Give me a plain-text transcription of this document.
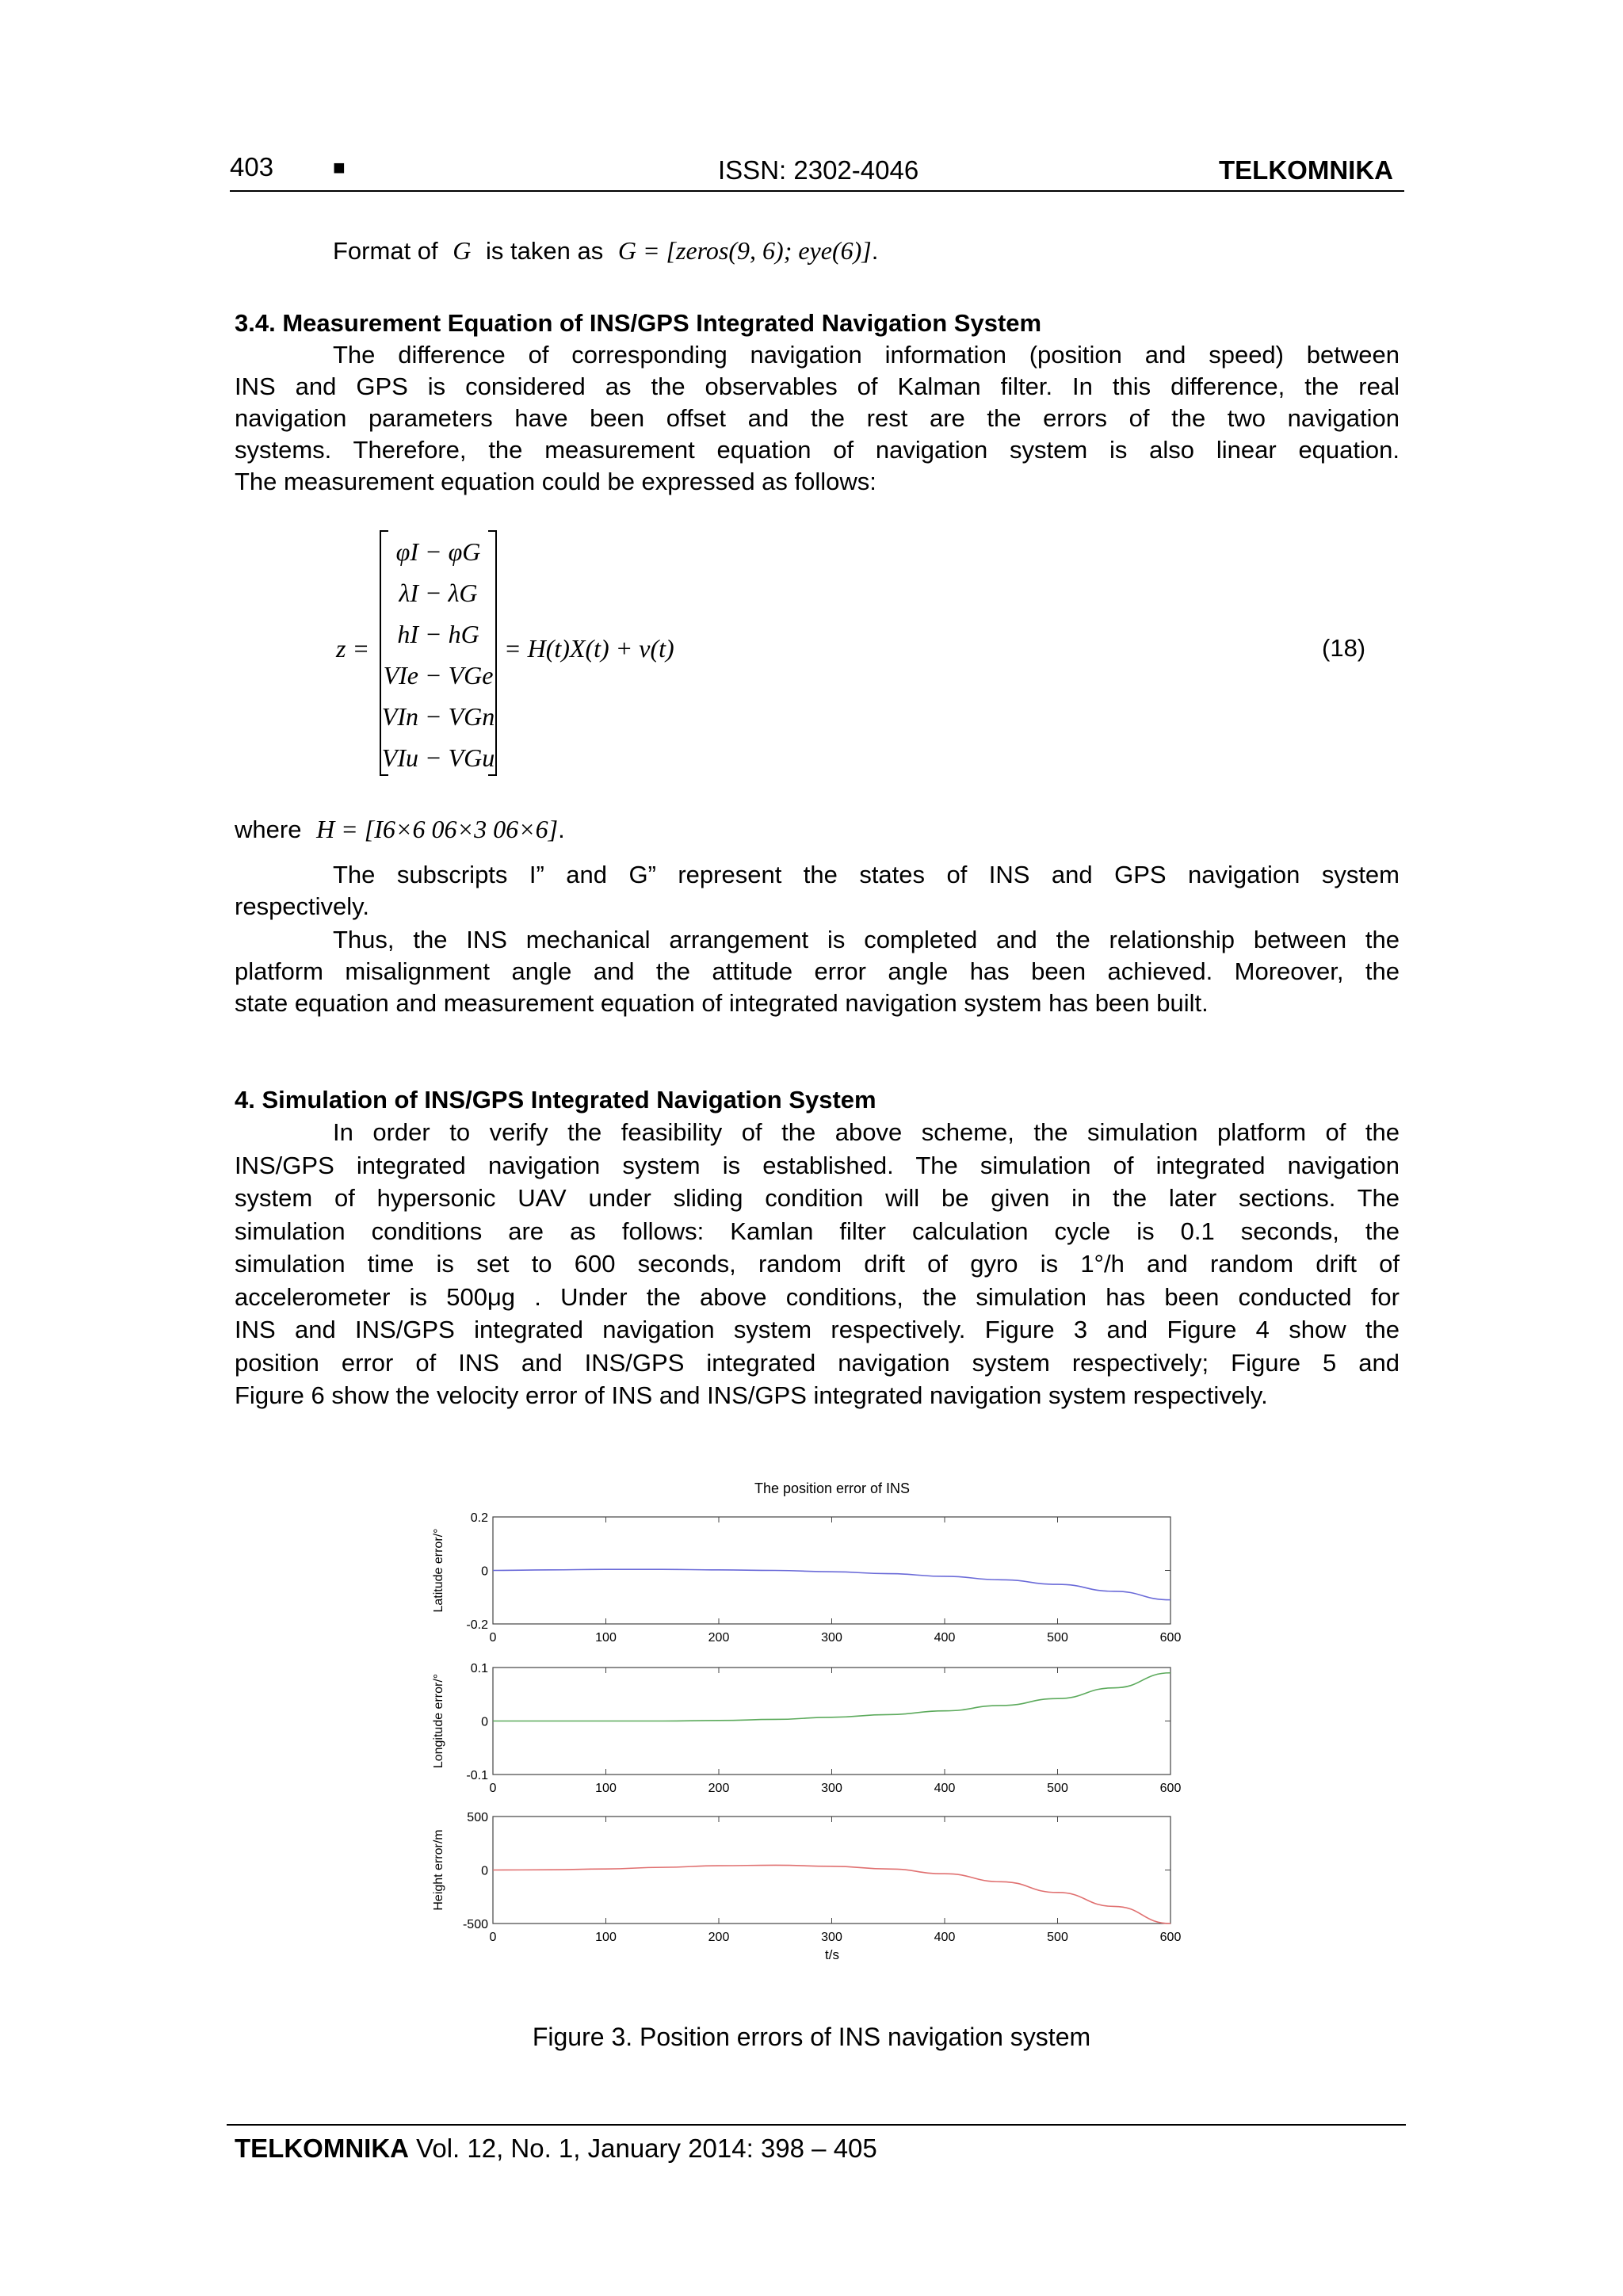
403	■	ISSN: 2302-4046	TELKOMNIKA
Format of G is taken as G = [zeros(9, 6); eye(6)].
3.4. Measurement Equation of INS/GPS Integrated Navigation System
The difference of corresponding navigation information (position and speed) between
INS and GPS is considered as the observables of Kalman filter. In this difference, the real
navigation parameters have been offset and the rest are the errors of the two navigation
systems. Therefore, the measurement equation of navigation system is also linear equation.
The measurement equation could be expressed as follows:
z =
φI − φG
λI − λG
hI − hG
VIe − VGe
VIn − VGn
VIu − VGu
= H(t)X(t) + v(t)	(18)
where H = [I6×6 06×3 06×6].
The subscripts I” and G” represent the states of INS and GPS navigation system
respectively.
Thus, the INS mechanical arrangement is completed and the relationship between the
platform misalignment angle and the attitude error angle has been achieved. Moreover, the
state equation and measurement equation of integrated navigation system has been built.
4. Simulation of INS/GPS Integrated Navigation System
In order to verify the feasibility of the above scheme, the simulation platform of the
INS/GPS integrated navigation system is established. The simulation of integrated navigation
system of hypersonic UAV under sliding condition will be given in the later sections. The
simulation conditions are as follows: Kamlan filter calculation cycle is 0.1 seconds, the
simulation time is set to 600 seconds, random drift of gyro is 1°/h and random drift of
accelerometer is 500μg . Under the above conditions, the simulation has been conducted for
INS and INS/GPS integrated navigation system respectively. Figure 3 and Figure 4 show the
position error of INS and INS/GPS integrated navigation system respectively; Figure 5 and
Figure 6 show the velocity error of INS and INS/GPS integrated navigation system respectively.
The position error of INS
t/s
0.2
0
-0.2
0	100	200	300	400	500	600
Latitude error/°
0.1
0
-0.1
0	100	200	300	400	500	600
Longitude error/°
500
0
-500
0	100	200	300	400	500	600
Height error/m
Figure 3. Position errors of INS navigation system
TELKOMNIKA Vol. 12, No. 1, January 2014: 398 – 405
